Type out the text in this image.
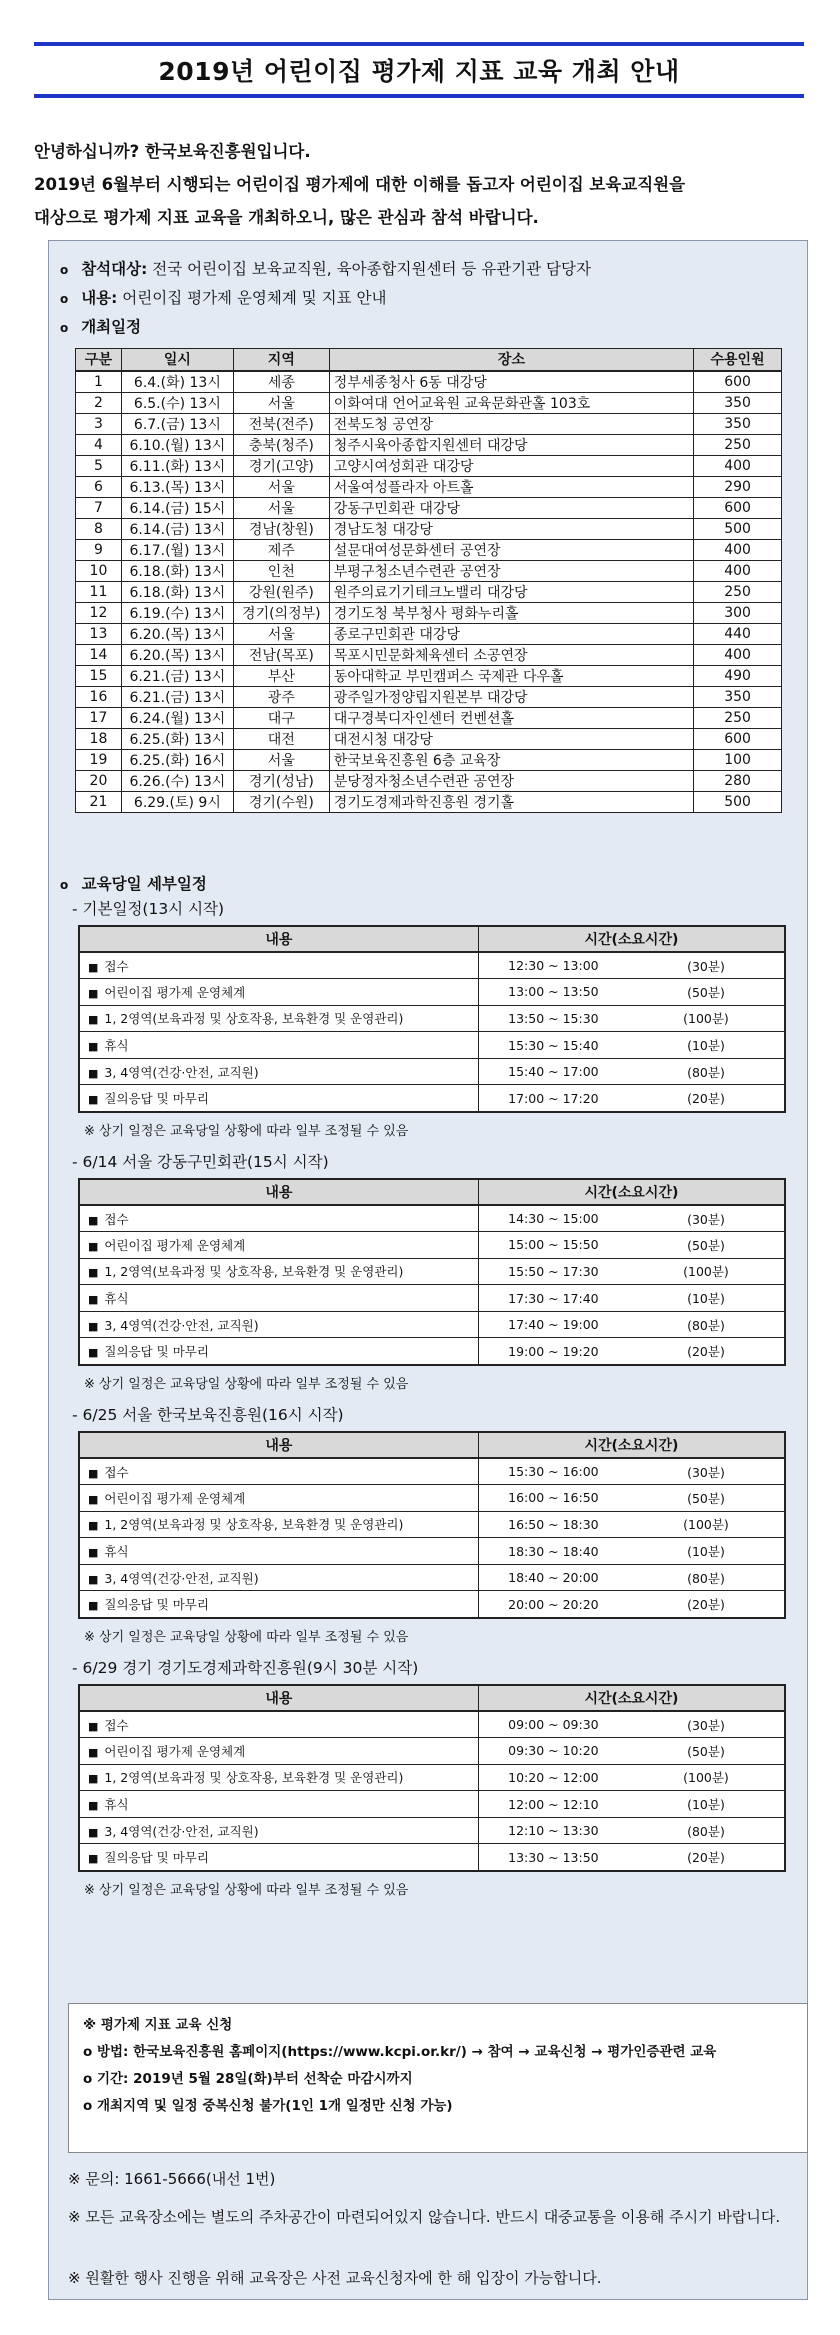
2019년 어린이집 평가제 지표 교육 개최 안내

안녕하십니까? 한국보육진흥원입니다.

2019년 6월부터 시행되는 어린이집 평가제에 대한 이해를 돕고자 어린이집 보육교직원을

대상으로 평가제 지표 교육을 개최하오니, 많은 관심과 참석 바랍니다.

o 참석대상: 전국 어린이집 보육교직원, 육아종합지원센터 등 유관기관 담당자
o 내용: 어린이집 평가제 운영체계 및 지표 안내
o 개최일정
구분	일시	지역	장소	수용인원
1	6.4.(화) 13시	세종	정부세종청사 6동 대강당	600
2	6.5.(수) 13시	서울	이화여대 언어교육원 교육문화관홀 103호	350
3	6.7.(금) 13시	전북(전주)	전북도청 공연장	350
4	6.10.(월) 13시	충북(청주)	청주시육아종합지원센터 대강당	250
5	6.11.(화) 13시	경기(고양)	고양시여성회관 대강당	400
6	6.13.(목) 13시	서울	서울여성플라자 아트홀	290
7	6.14.(금) 15시	서울	강동구민회관 대강당	600
8	6.14.(금) 13시	경남(창원)	경남도청 대강당	500
9	6.17.(월) 13시	제주	설문대여성문화센터 공연장	400
10	6.18.(화) 13시	인천	부평구청소년수련관 공연장	400
11	6.18.(화) 13시	강원(원주)	원주의료기기테크노밸리 대강당	250
12	6.19.(수) 13시	경기(의정부)	경기도청 북부청사 평화누리홀	300
13	6.20.(목) 13시	서울	종로구민회관 대강당	440
14	6.20.(목) 13시	전남(목포)	목포시민문화체육센터 소공연장	400
15	6.21.(금) 13시	부산	동아대학교 부민캠퍼스 국제관 다우홀	490
16	6.21.(금) 13시	광주	광주일가정양립지원본부 대강당	350
17	6.24.(월) 13시	대구	대구경북디자인센터 컨벤션홀	250
18	6.25.(화) 13시	대전	대전시청 대강당	600
19	6.25.(화) 16시	서울	한국보육진흥원 6층 교육장	100
20	6.26.(수) 13시	경기(성남)	분당정자청소년수련관 공연장	280
21	6.29.(토) 9시	경기(수원)	경기도경제과학진흥원 경기홀	500
o 교육당일 세부일정
- 기본일정(13시 시작)
내용	시간(소요시간)	
■ 접수	12:30 ~ 13:00	(30분)
■ 어린이집 평가제 운영체계	13:00 ~ 13:50	(50분)
■ 1, 2영역(보육과정 및 상호작용, 보육환경 및 운영관리)	13:50 ~ 15:30	(100분)
■ 휴식	15:30 ~ 15:40	(10분)
■ 3, 4영역(건강·안전, 교직원)	15:40 ~ 17:00	(80분)
■ 질의응답 및 마무리	17:00 ~ 17:20	(20분)
※ 상기 일정은 교육당일 상황에 따라 일부 조정될 수 있음
- 6/14 서울 강동구민회관(15시 시작)
내용	시간(소요시간)	
■ 접수	14:30 ~ 15:00	(30분)
■ 어린이집 평가제 운영체계	15:00 ~ 15:50	(50분)
■ 1, 2영역(보육과정 및 상호작용, 보육환경 및 운영관리)	15:50 ~ 17:30	(100분)
■ 휴식	17:30 ~ 17:40	(10분)
■ 3, 4영역(건강·안전, 교직원)	17:40 ~ 19:00	(80분)
■ 질의응답 및 마무리	19:00 ~ 19:20	(20분)
※ 상기 일정은 교육당일 상황에 따라 일부 조정될 수 있음
- 6/25 서울 한국보육진흥원(16시 시작)
내용	시간(소요시간)	
■ 접수	15:30 ~ 16:00	(30분)
■ 어린이집 평가제 운영체계	16:00 ~ 16:50	(50분)
■ 1, 2영역(보육과정 및 상호작용, 보육환경 및 운영관리)	16:50 ~ 18:30	(100분)
■ 휴식	18:30 ~ 18:40	(10분)
■ 3, 4영역(건강·안전, 교직원)	18:40 ~ 20:00	(80분)
■ 질의응답 및 마무리	20:00 ~ 20:20	(20분)
※ 상기 일정은 교육당일 상황에 따라 일부 조정될 수 있음
- 6/29 경기 경기도경제과학진흥원(9시 30분 시작)
내용	시간(소요시간)	
■ 접수	09:00 ~ 09:30	(30분)
■ 어린이집 평가제 운영체계	09:30 ~ 10:20	(50분)
■ 1, 2영역(보육과정 및 상호작용, 보육환경 및 운영관리)	10:20 ~ 12:00	(100분)
■ 휴식	12:00 ~ 12:10	(10분)
■ 3, 4영역(건강·안전, 교직원)	12:10 ~ 13:30	(80분)
■ 질의응답 및 마무리	13:30 ~ 13:50	(20분)
※ 상기 일정은 교육당일 상황에 따라 일부 조정될 수 있음
※ 평가제 지표 교육 신청
o 방법: 한국보육진흥원 홈페이지(https://www.kcpi.or.kr/) → 참여 → 교육신청 → 평가인증관련 교육
o 기간: 2019년 5월 28일(화)부터 선착순 마감시까지
o 개최지역 및 일정 중복신청 불가(1인 1개 일정만 신청 가능)
※ 문의: 1661-5666(내선 1번)
※ 모든 교육장소에는 별도의 주차공간이 마련되어있지 않습니다. 반드시 대중교통을 이용해 주시기 바랍니다.
※ 원활한 행사 진행을 위해 교육장은 사전 교육신청자에 한 해 입장이 가능합니다.
